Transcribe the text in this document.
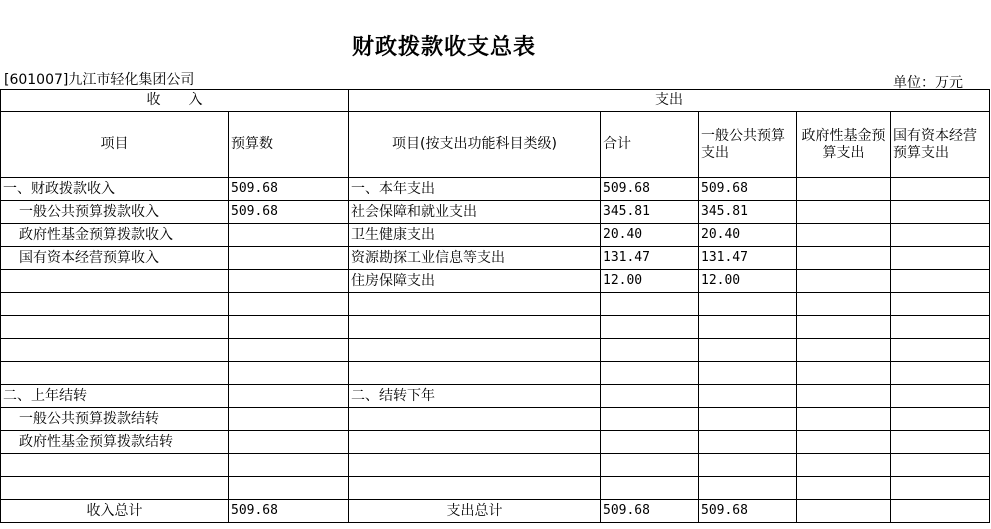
财政拨款收支总表
[601007]九江市轻化集团公司	单位：万元
收　　入		支出				
项目	预算数	项目(按支出功能科目类级)	合计	一般公共预算支出	政府性基金预算支出	国有资本经营预算支出
一、财政拨款收入	509.68	一、本年支出	509.68	509.68		
一般公共预算拨款收入	509.68	社会保障和就业支出	345.81	345.81		
政府性基金预算拨款收入		卫生健康支出	20.40	20.40		
国有资本经营预算收入		资源勘探工业信息等支出	131.47	131.47		
		住房保障支出	12.00	12.00		

二、上年结转		二、结转下年				
一般公共预算拨款结转						
政府性基金预算拨款结转						

收入总计	509.68	支出总计	509.68	509.68		
